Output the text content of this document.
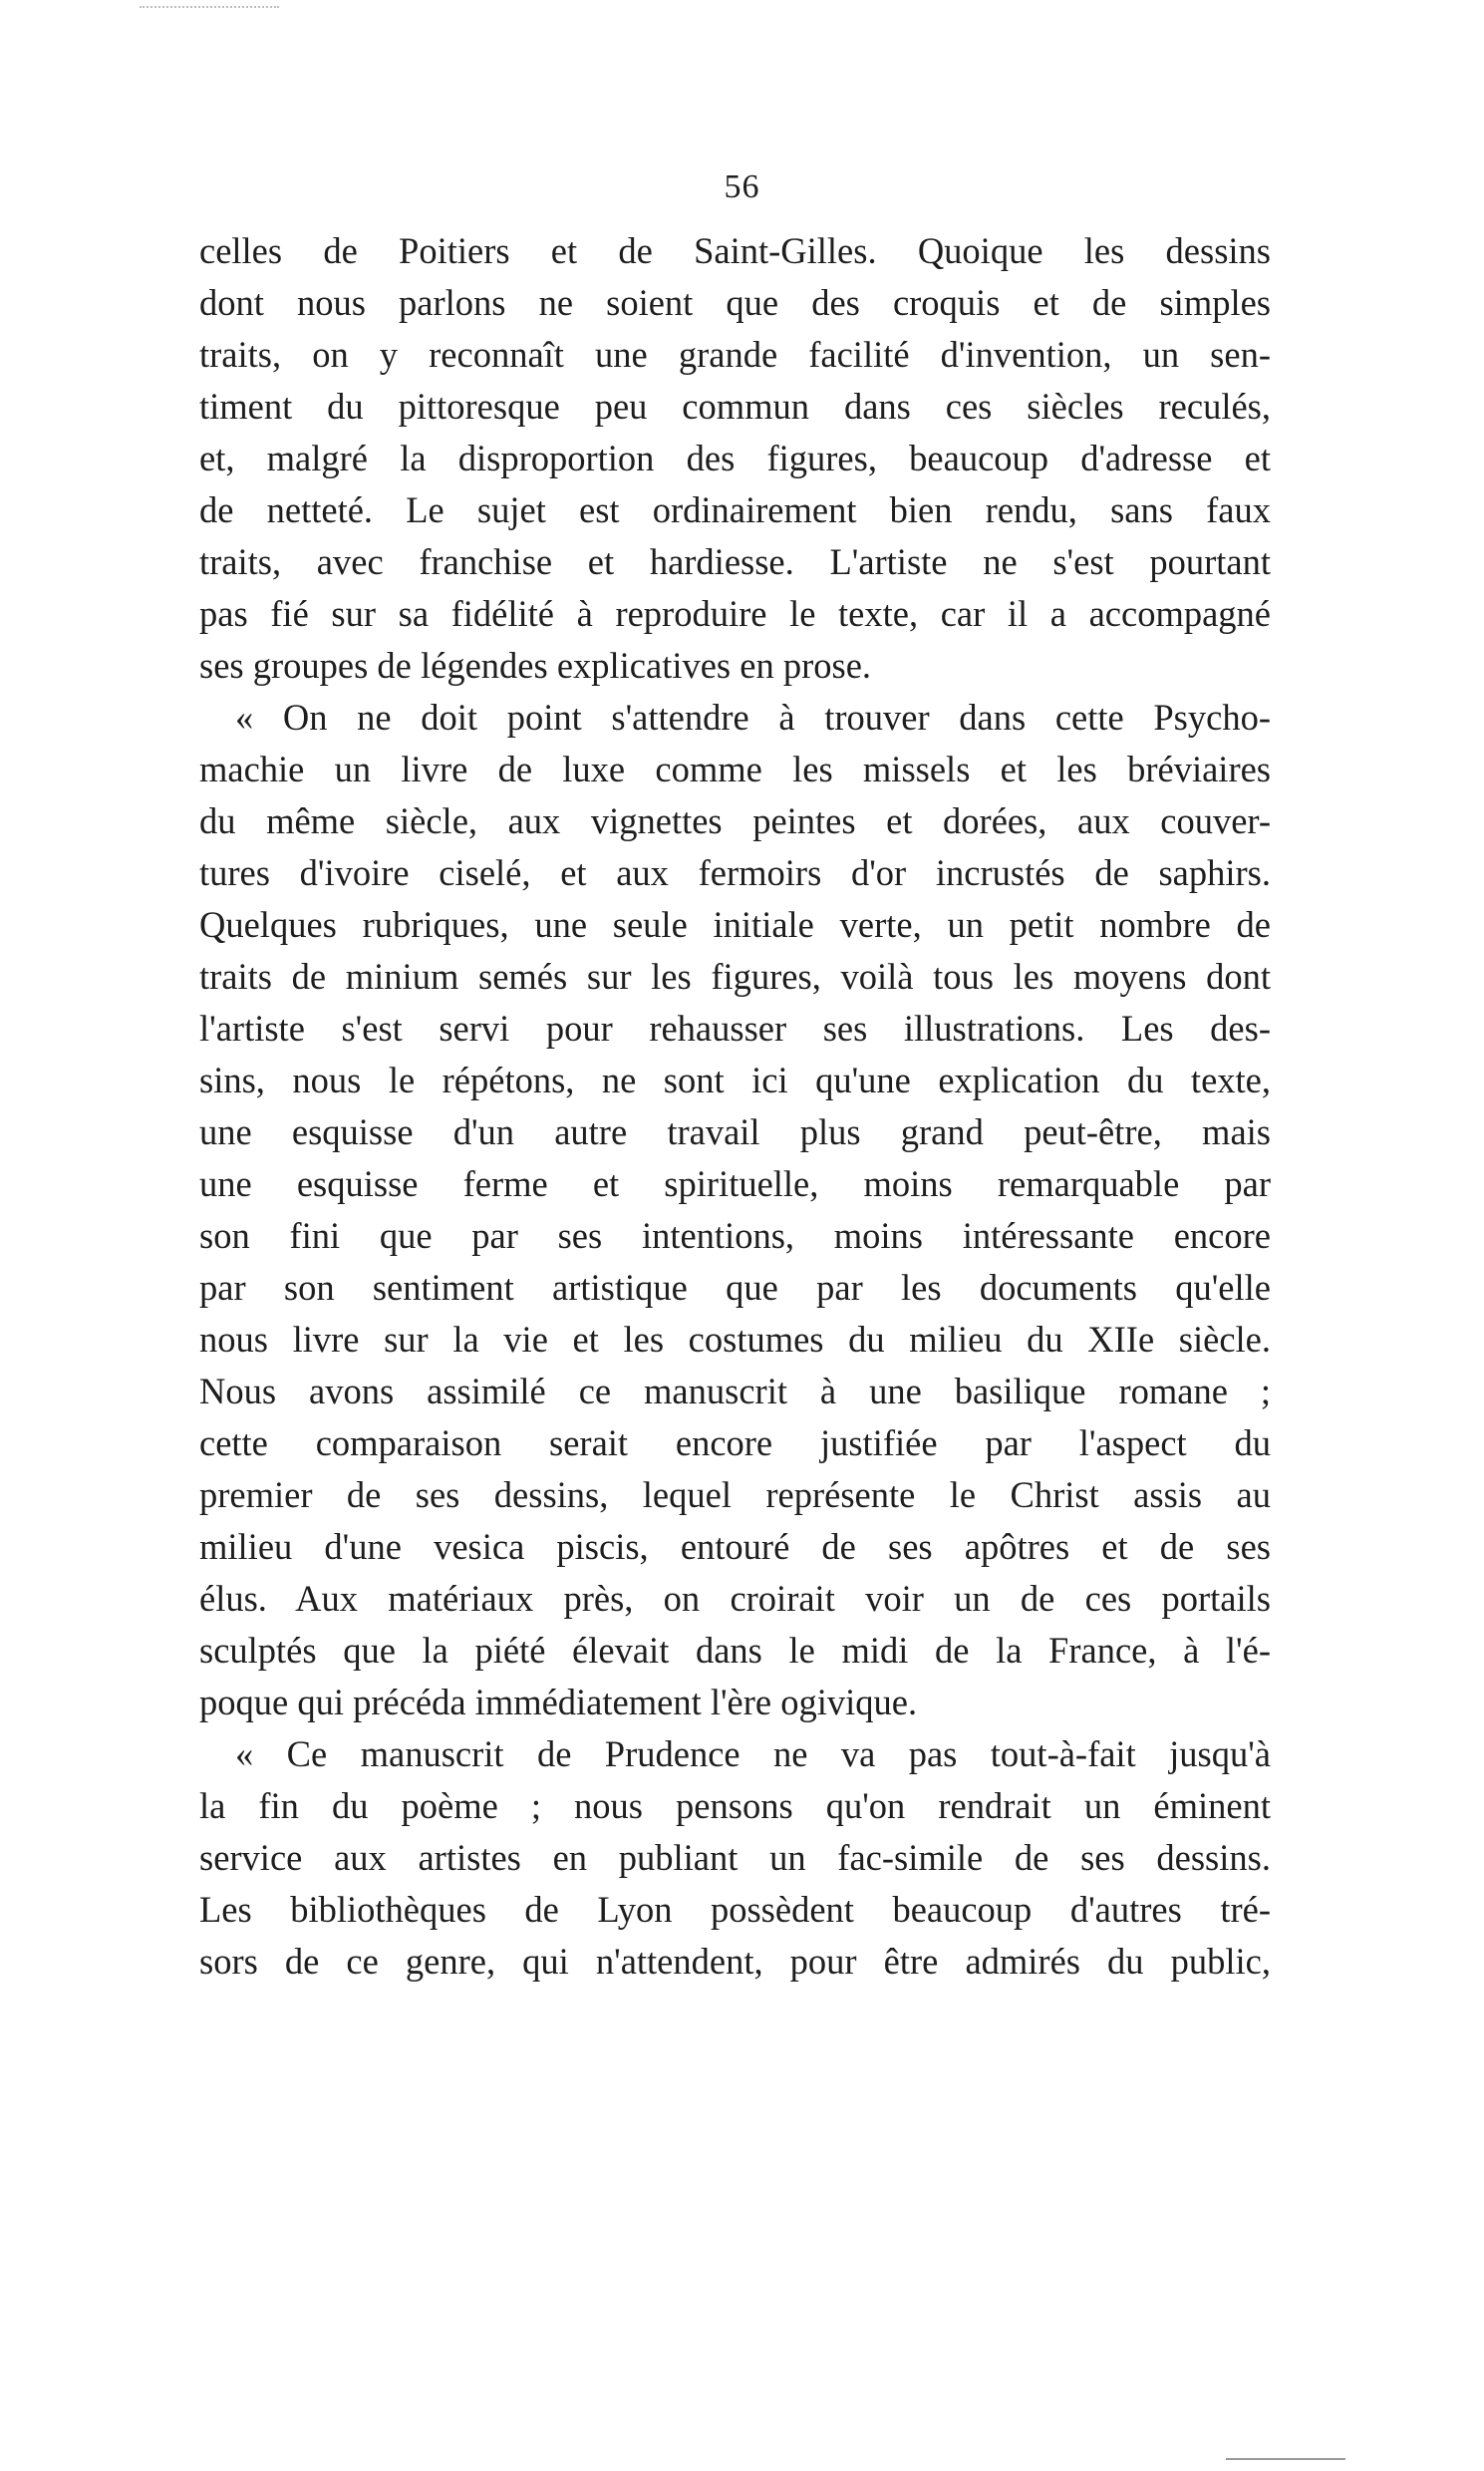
56
celles de Poitiers et de Saint-Gilles. Quoique les dessins
dont nous parlons ne soient que des croquis et de simples
traits, on y reconnaît une grande facilité d'invention, un sen-
timent du pittoresque peu commun dans ces siècles reculés,
et, malgré la disproportion des figures, beaucoup d'adresse et
de netteté. Le sujet est ordinairement bien rendu, sans faux
traits, avec franchise et hardiesse. L'artiste ne s'est pourtant
pas fié sur sa fidélité à reproduire le texte, car il a accompagné
ses groupes de légendes explicatives en prose.
« On ne doit point s'attendre à trouver dans cette Psycho-
machie un livre de luxe comme les missels et les bréviaires
du même siècle, aux vignettes peintes et dorées, aux couver-
tures d'ivoire ciselé, et aux fermoirs d'or incrustés de saphirs.
Quelques rubriques, une seule initiale verte, un petit nombre de
traits de minium semés sur les figures, voilà tous les moyens dont
l'artiste s'est servi pour rehausser ses illustrations. Les des-
sins, nous le répétons, ne sont ici qu'une explication du texte,
une esquisse d'un autre travail plus grand peut-être, mais
une esquisse ferme et spirituelle, moins remarquable par
son fini que par ses intentions, moins intéressante encore
par son sentiment artistique que par les documents qu'elle
nous livre sur la vie et les costumes du milieu du XIIe siècle.
Nous avons assimilé ce manuscrit à une basilique romane ;
cette comparaison serait encore justifiée par l'aspect du
premier de ses dessins, lequel représente le Christ assis au
milieu d'une vesica piscis, entouré de ses apôtres et de ses
élus. Aux matériaux près, on croirait voir un de ces portails
sculptés que la piété élevait dans le midi de la France, à l'é-
poque qui précéda immédiatement l'ère ogivique.
« Ce manuscrit de Prudence ne va pas tout-à-fait jusqu'à
la fin du poème ; nous pensons qu'on rendrait un éminent
service aux artistes en publiant un fac-simile de ses dessins.
Les bibliothèques de Lyon possèdent beaucoup d'autres tré-
sors de ce genre, qui n'attendent, pour être admirés du public,
